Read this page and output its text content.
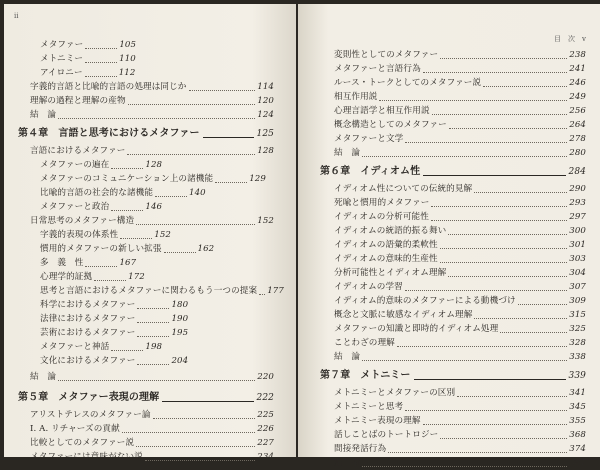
ii
メタファー	105
メトニミー	110
アイロニー	112
字義的言語と比喩的言語の処理は同じか	114
理解の過程と理解の産物	120
結　論	124
第４章　言語と思考におけるメタファー	125
言語におけるメタファー	128
メタファーの遍在	128
メタファーのコミュニケーション上の諸機能	129
比喩的言語の社会的な諸機能	140
メタファーと政治	146
日常思考のメタファー構造	152
字義的表現の体系性	152
慣用的メタファーの新しい拡張	162
多　義　性	167
心理学的証拠	172
思考と言語におけるメタファーに関わるもう一つの提案 177
科学におけるメタファー	180
法律におけるメタファー	190
芸術におけるメタファー	195
メタファーと神話	198
文化におけるメタファー	204
結　論	220
第５章　メタファー表現の理解	222
アリストテレスのメタファー論	225
I. A. リチャーズの貢献	226
比較としてのメタファー説	227
メタファーには意味がない説	234
目　次　v
変則性としてのメタファー	238
メタファーと言語行為	241
ルース・トークとしてのメタファー説	246
相互作用説	249
心理言語学と相互作用説	256
概念構造としてのメタファー	264
メタファーと文学	278
結　論	280
第６章　イディオム性	284
イディオム性についての伝統的見解	290
死喩と慣用的メタファー	293
イディオムの分析可能性	297
イディオムの統語的振る舞い	300
イディオムの語彙的柔軟性	301
イディオムの意味的生産性	303
分析可能性とイディオム理解	304
イディオムの学習	307
イディオム的意味のメタファーによる動機づけ	309
概念と文脈に敏感なイディオム理解	315
メタファーの知識と即時的イディオム処理	325
ことわざの理解	328
結　論	338
第７章　メトニミー	339
メトニミーとメタファーの区別	341
メトニミーと思考	345
メトニミー表現の理解	355
話しことばのトートロジー	368
間接発話行為	374
結　論	381
